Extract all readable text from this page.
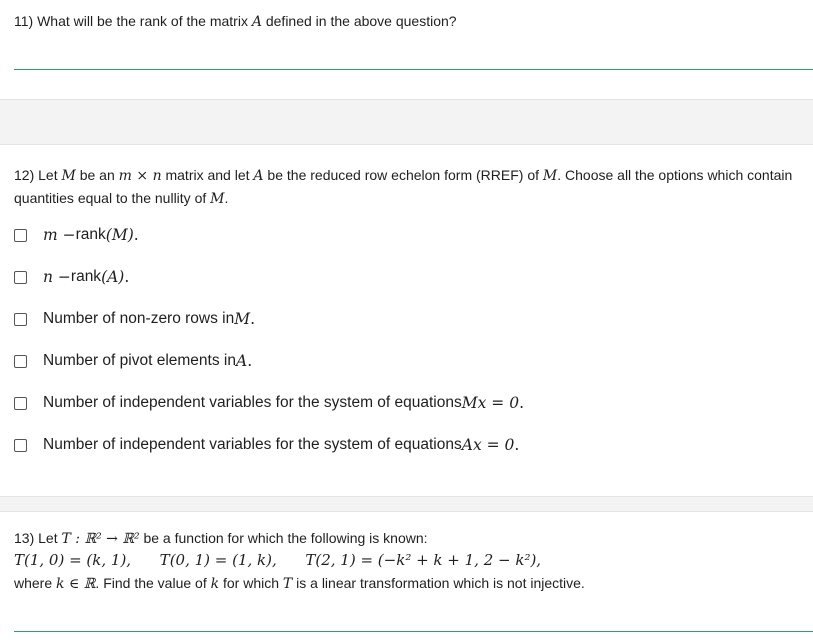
11) What will be the rank of the matrix A defined in the above question?
12) Let M be an m × n matrix and let A be the reduced row echelon form (RREF) of M. Choose all the options which contain quantities equal to the nullity of M.
m − rank (M) .
n − rank (A) .
Number of non-zero rows in M .
Number of pivot elements in A .
Number of independent variables for the system of equations Mx = 0 .
Number of independent variables for the system of equations Ax = 0 .
13) Let T : ℝ² → ℝ² be a function for which the following is known:
T(1, 0) = (k, 1),      T(0, 1) = (1, k),      T(2, 1) = (−k² + k + 1, 2 − k²),
where k ∈ ℝ. Find the value of k for which T is a linear transformation which is not injective.
